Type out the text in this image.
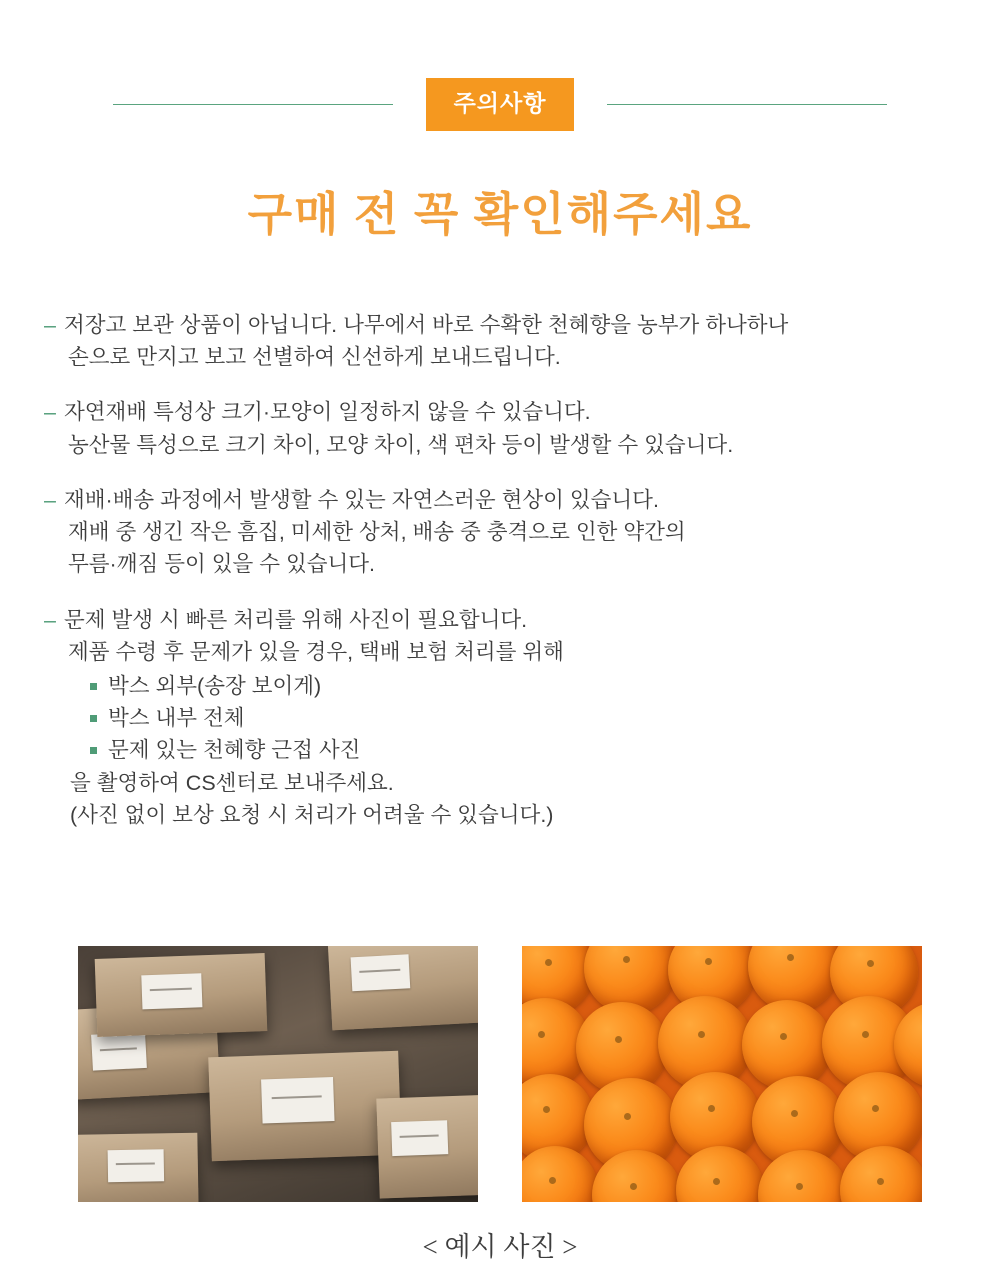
주의사항
구매 전 꼭 확인해주세요
– 저장고 보관 상품이 아닙니다. 나무에서 바로 수확한 천혜향을 농부가 하나하나
손으로 만지고 보고 선별하여 신선하게 보내드립니다.
– 자연재배 특성상 크기·모양이 일정하지 않을 수 있습니다.
농산물 특성으로 크기 차이, 모양 차이, 색 편차 등이 발생할 수 있습니다.
– 재배·배송 과정에서 발생할 수 있는 자연스러운 현상이 있습니다.
재배 중 생긴 작은 흠집, 미세한 상처, 배송 중 충격으로 인한 약간의
무름·깨짐 등이 있을 수 있습니다.
– 문제 발생 시 빠른 처리를 위해 사진이 필요합니다.
제품 수령 후 문제가 있을 경우, 택배 보험 처리를 위해
박스 외부(송장 보이게)
박스 내부 전체
문제 있는 천혜향 근접 사진
을 촬영하여 CS센터로 보내주세요.
(사진 없이 보상 요청 시 처리가 어려울 수 있습니다.)
< 예시 사진 >
